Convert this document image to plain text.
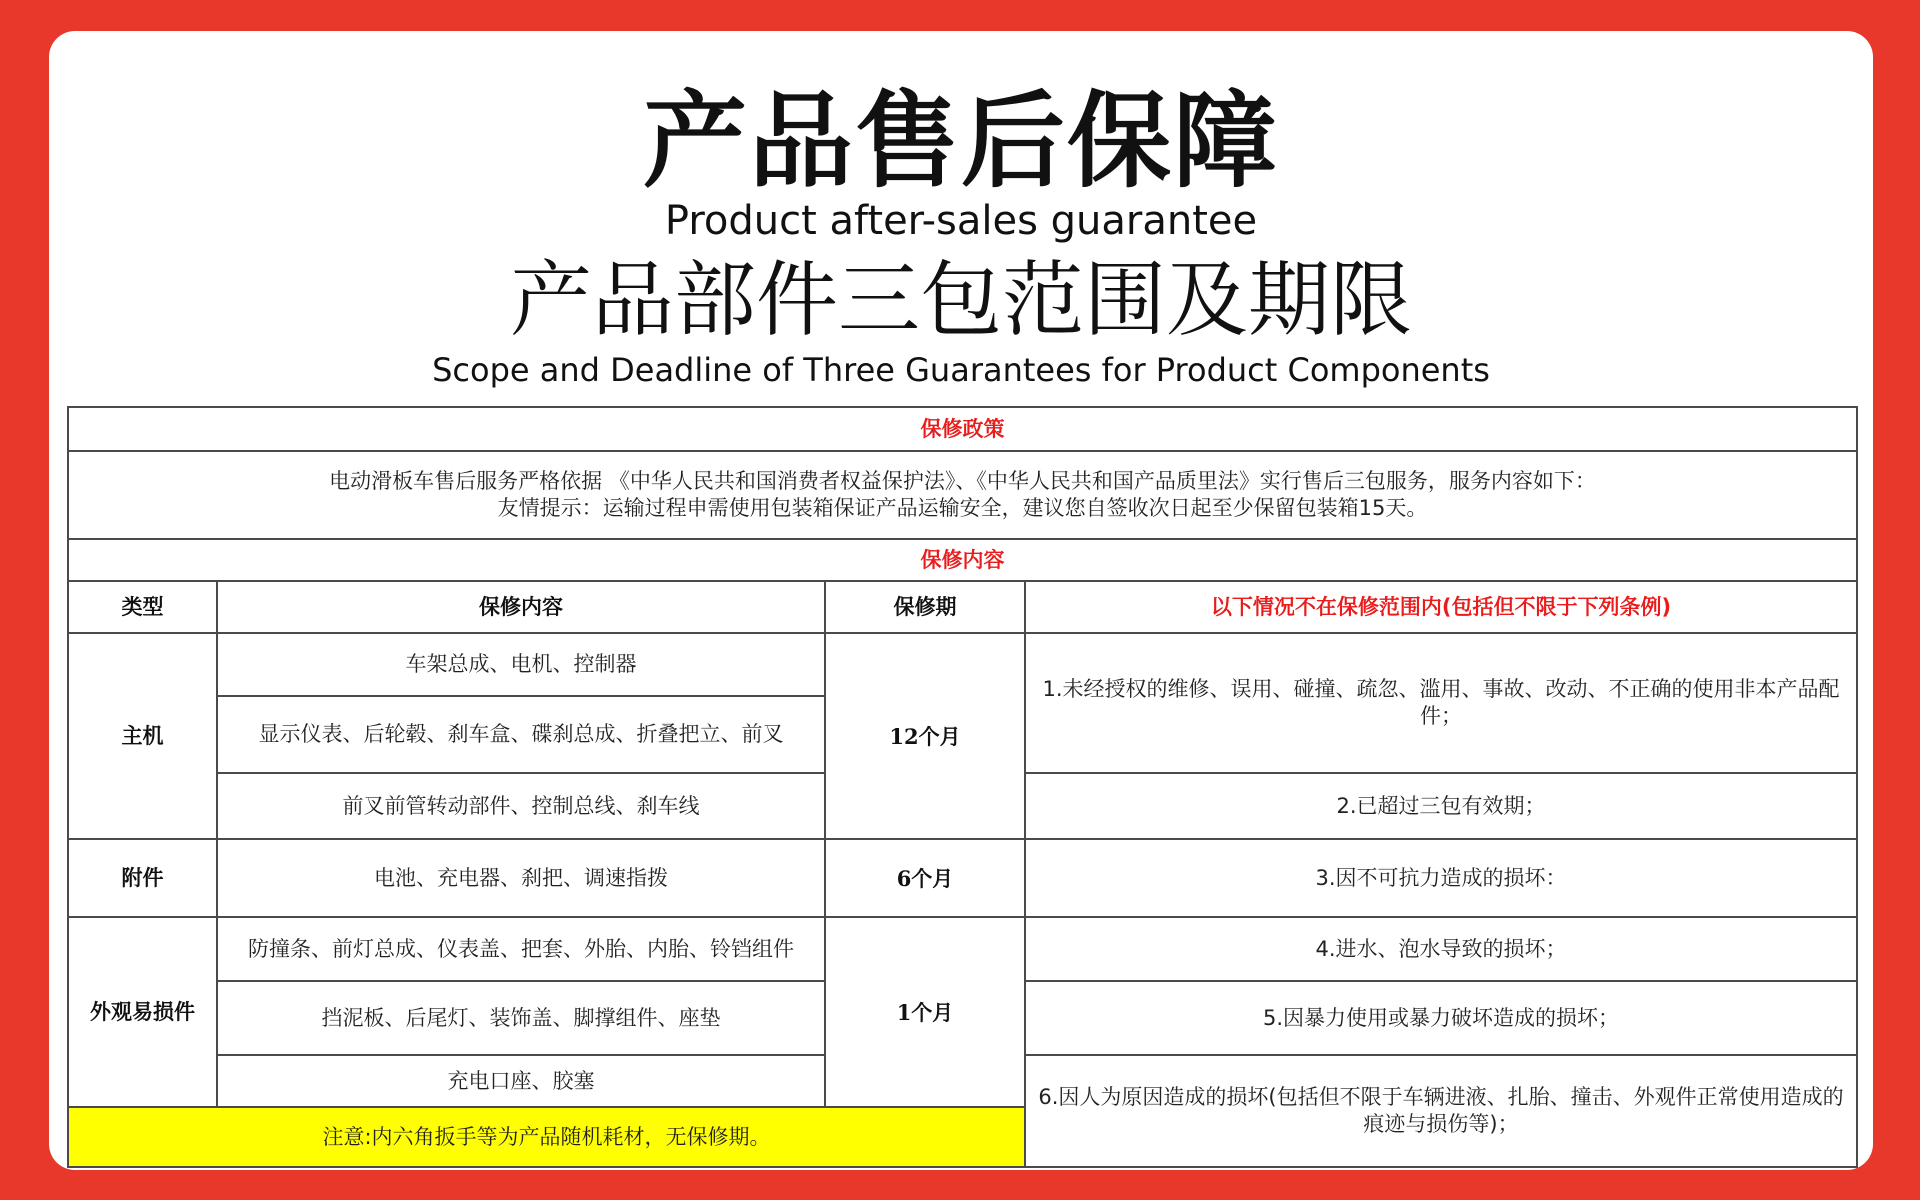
产品售后保障
Product after-sales guarantee
产品部件三包范围及期限
Scope and Deadline of Three Guarantees for Product Components
保修政策			

电动滑板车售后服务严格依据 《中华人民共和国消费者权益保护法》、《中华人民共和国产品质里法》实行售后三包服务，服务内容如下：
友情提示：运输过程申需使用包装箱保证产品运输安全，建议您自签收次日起至少保留包装箱15天。			

保修内容			
类型	保修内容	保修期	以下情况不在保修范围内(包括但不限于下列条例)
主机	车架总成、电机、控制器	12个月	1.未经授权的维修、误用、碰撞、疏忽、滥用、事故、改动、不正确的使用非本产品配件；
	显示仪表、后轮毂、刹车盒、碟刹总成、折叠把立、前叉		
	前叉前管转动部件、控制总线、刹车线		2.已超过三包有效期；
附件	电池、充电器、刹把、调速指拨	6个月	3.因不可抗力造成的损坏：
外观易损件	防撞条、前灯总成、仪表盖、把套、外胎、内胎、铃铛组件	1个月	4.进水、泡水导致的损坏；
	挡泥板、后尾灯、装饰盖、脚撑组件、座垫		5.因暴力使用或暴力破坏造成的损坏；
	充电口座、胶塞		6.因人为原因造成的损坏(包括但不限于车辆进液、扎胎、撞击、外观件正常使用造成的痕迹与损伤等)；
注意:内六角扳手等为产品随机耗材，无保修期。			
